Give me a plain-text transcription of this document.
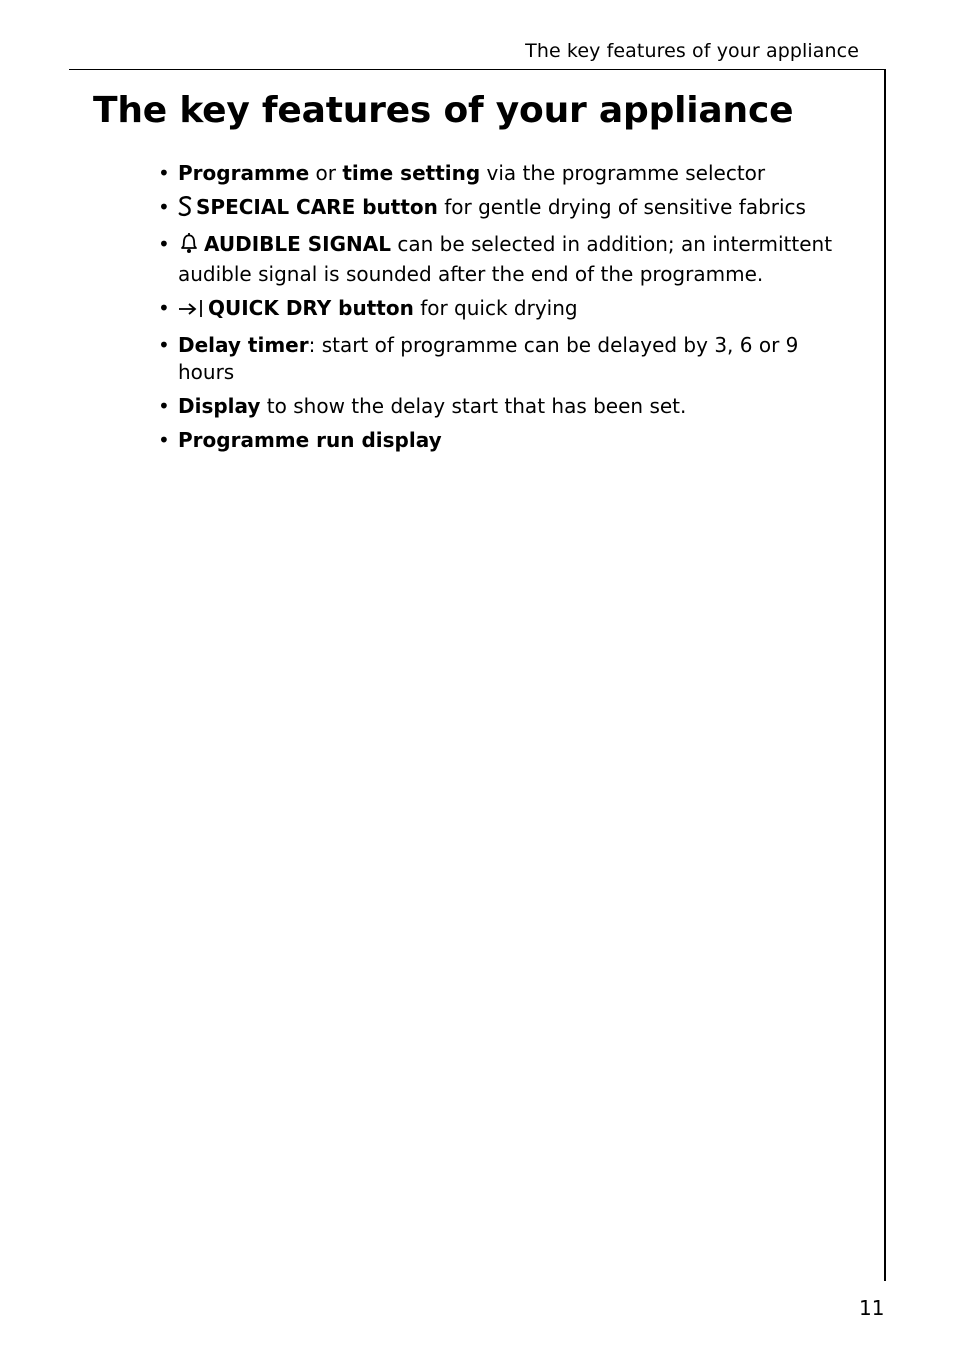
The key features of your appliance
The key features of your appliance
• Programme or time setting via the programme selector
• SPECIAL CARE button for gentle drying of sensitive fabrics
• AUDIBLE SIGNAL can be selected in addition; an intermittent audible signal is sounded after the end of the programme.
• QUICK DRY button for quick drying
• Delay timer: start of programme can be delayed by 3, 6 or 9 hours
• Display to show the delay start that has been set.
• Programme run display
11
